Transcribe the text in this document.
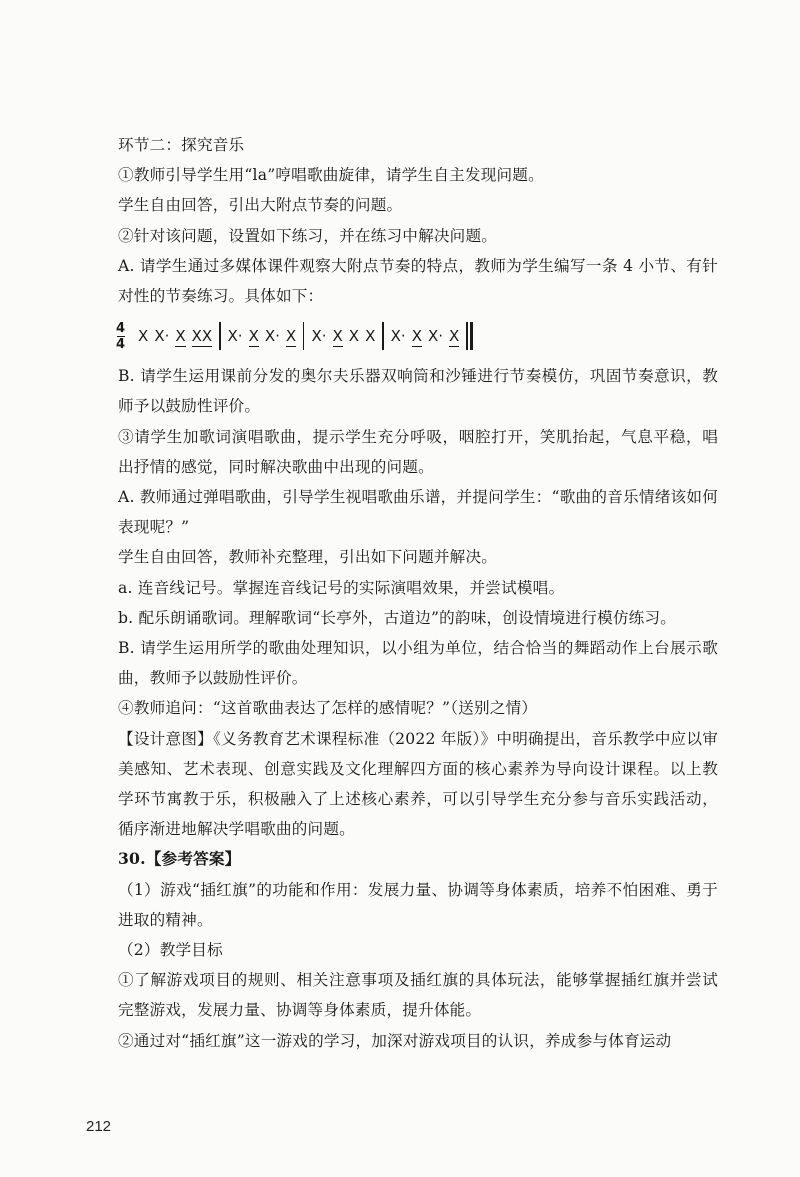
环节二：探究音乐

①教师引导学生用“la”哼唱歌曲旋律，请学生自主发现问题。

学生自由回答，引出大附点节奏的问题。

②针对该问题，设置如下练习，并在练习中解决问题。

A. 请学生通过多媒体课件观察大附点节奏的特点，教师为学生编写一条 4 小节、有针对性的节奏练习。具体如下：

4
4 X X· X XX X· X X· X X· X X X X· X X· X

B. 请学生运用课前分发的奥尔夫乐器双响筒和沙锤进行节奏模仿，巩固节奏意识，教师予以鼓励性评价。

③请学生加歌词演唱歌曲，提示学生充分呼吸，咽腔打开，笑肌抬起，气息平稳，唱出抒情的感觉，同时解决歌曲中出现的问题。

A. 教师通过弹唱歌曲，引导学生视唱歌曲乐谱，并提问学生：“歌曲的音乐情绪该如何表现呢？”

学生自由回答，教师补充整理，引出如下问题并解决。

a. 连音线记号。掌握连音线记号的实际演唱效果，并尝试模唱。

b. 配乐朗诵歌词。理解歌词“长亭外，古道边”的韵味，创设情境进行模仿练习。

B. 请学生运用所学的歌曲处理知识，以小组为单位，结合恰当的舞蹈动作上台展示歌曲，教师予以鼓励性评价。

④教师追问：“这首歌曲表达了怎样的感情呢？”（送别之情）

【设计意图】《义务教育艺术课程标准（2022 年版）》中明确提出，音乐教学中应以审美感知、艺术表现、创意实践及文化理解四方面的核心素养为导向设计课程。以上教学环节寓教于乐，积极融入了上述核心素养，可以引导学生充分参与音乐实践活动，循序渐进地解决学唱歌曲的问题。

30.【参考答案】

（1）游戏“插红旗”的功能和作用：发展力量、协调等身体素质，培养不怕困难、勇于进取的精神。

（2）教学目标

①了解游戏项目的规则、相关注意事项及插红旗的具体玩法，能够掌握插红旗并尝试完整游戏，发展力量、协调等身体素质，提升体能。

②通过对“插红旗”这一游戏的学习，加深对游戏项目的认识，养成参与体育运动

212
